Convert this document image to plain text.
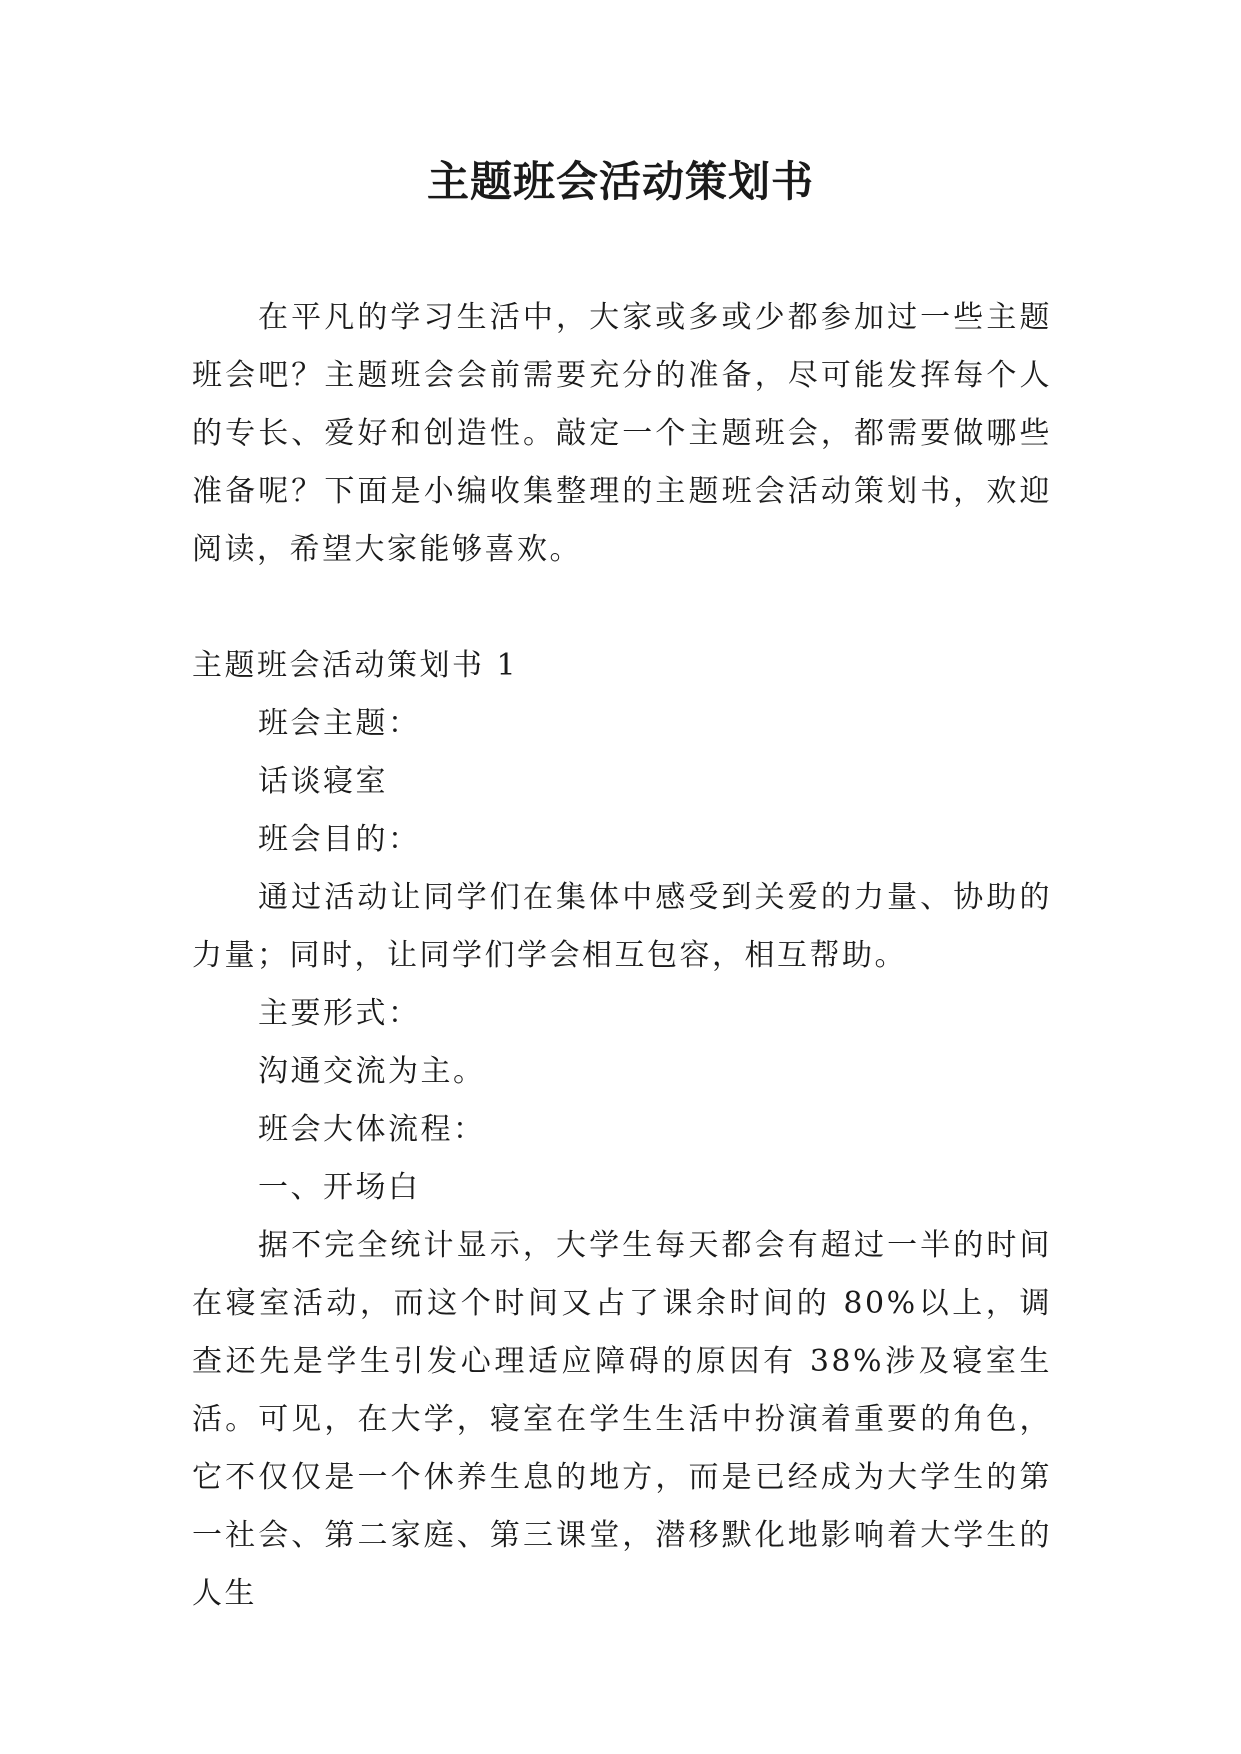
主题班会活动策划书

在平凡的学习生活中，大家或多或少都参加过一些主题班会吧？主题班会会前需要充分的准备，尽可能发挥每个人的专长、爱好和创造性。敲定一个主题班会，都需要做哪些准备呢？下面是小编收集整理的主题班会活动策划书，欢迎阅读，希望大家能够喜欢。

主题班会活动策划书 1

班会主题：

话谈寝室

班会目的：

通过活动让同学们在集体中感受到关爱的力量、协助的力量；同时，让同学们学会相互包容，相互帮助。

主要形式：

沟通交流为主。

班会大体流程：

一、开场白

据不完全统计显示，大学生每天都会有超过一半的时间在寝室活动，而这个时间又占了课余时间的 80%以上，调查还先是学生引发心理适应障碍的原因有 38%涉及寝室生活。可见，在大学，寝室在学生生活中扮演着重要的角色，它不仅仅是一个休养生息的地方，而是已经成为大学生的第一社会、第二家庭、第三课堂，潜移默化地影响着大学生的人生
